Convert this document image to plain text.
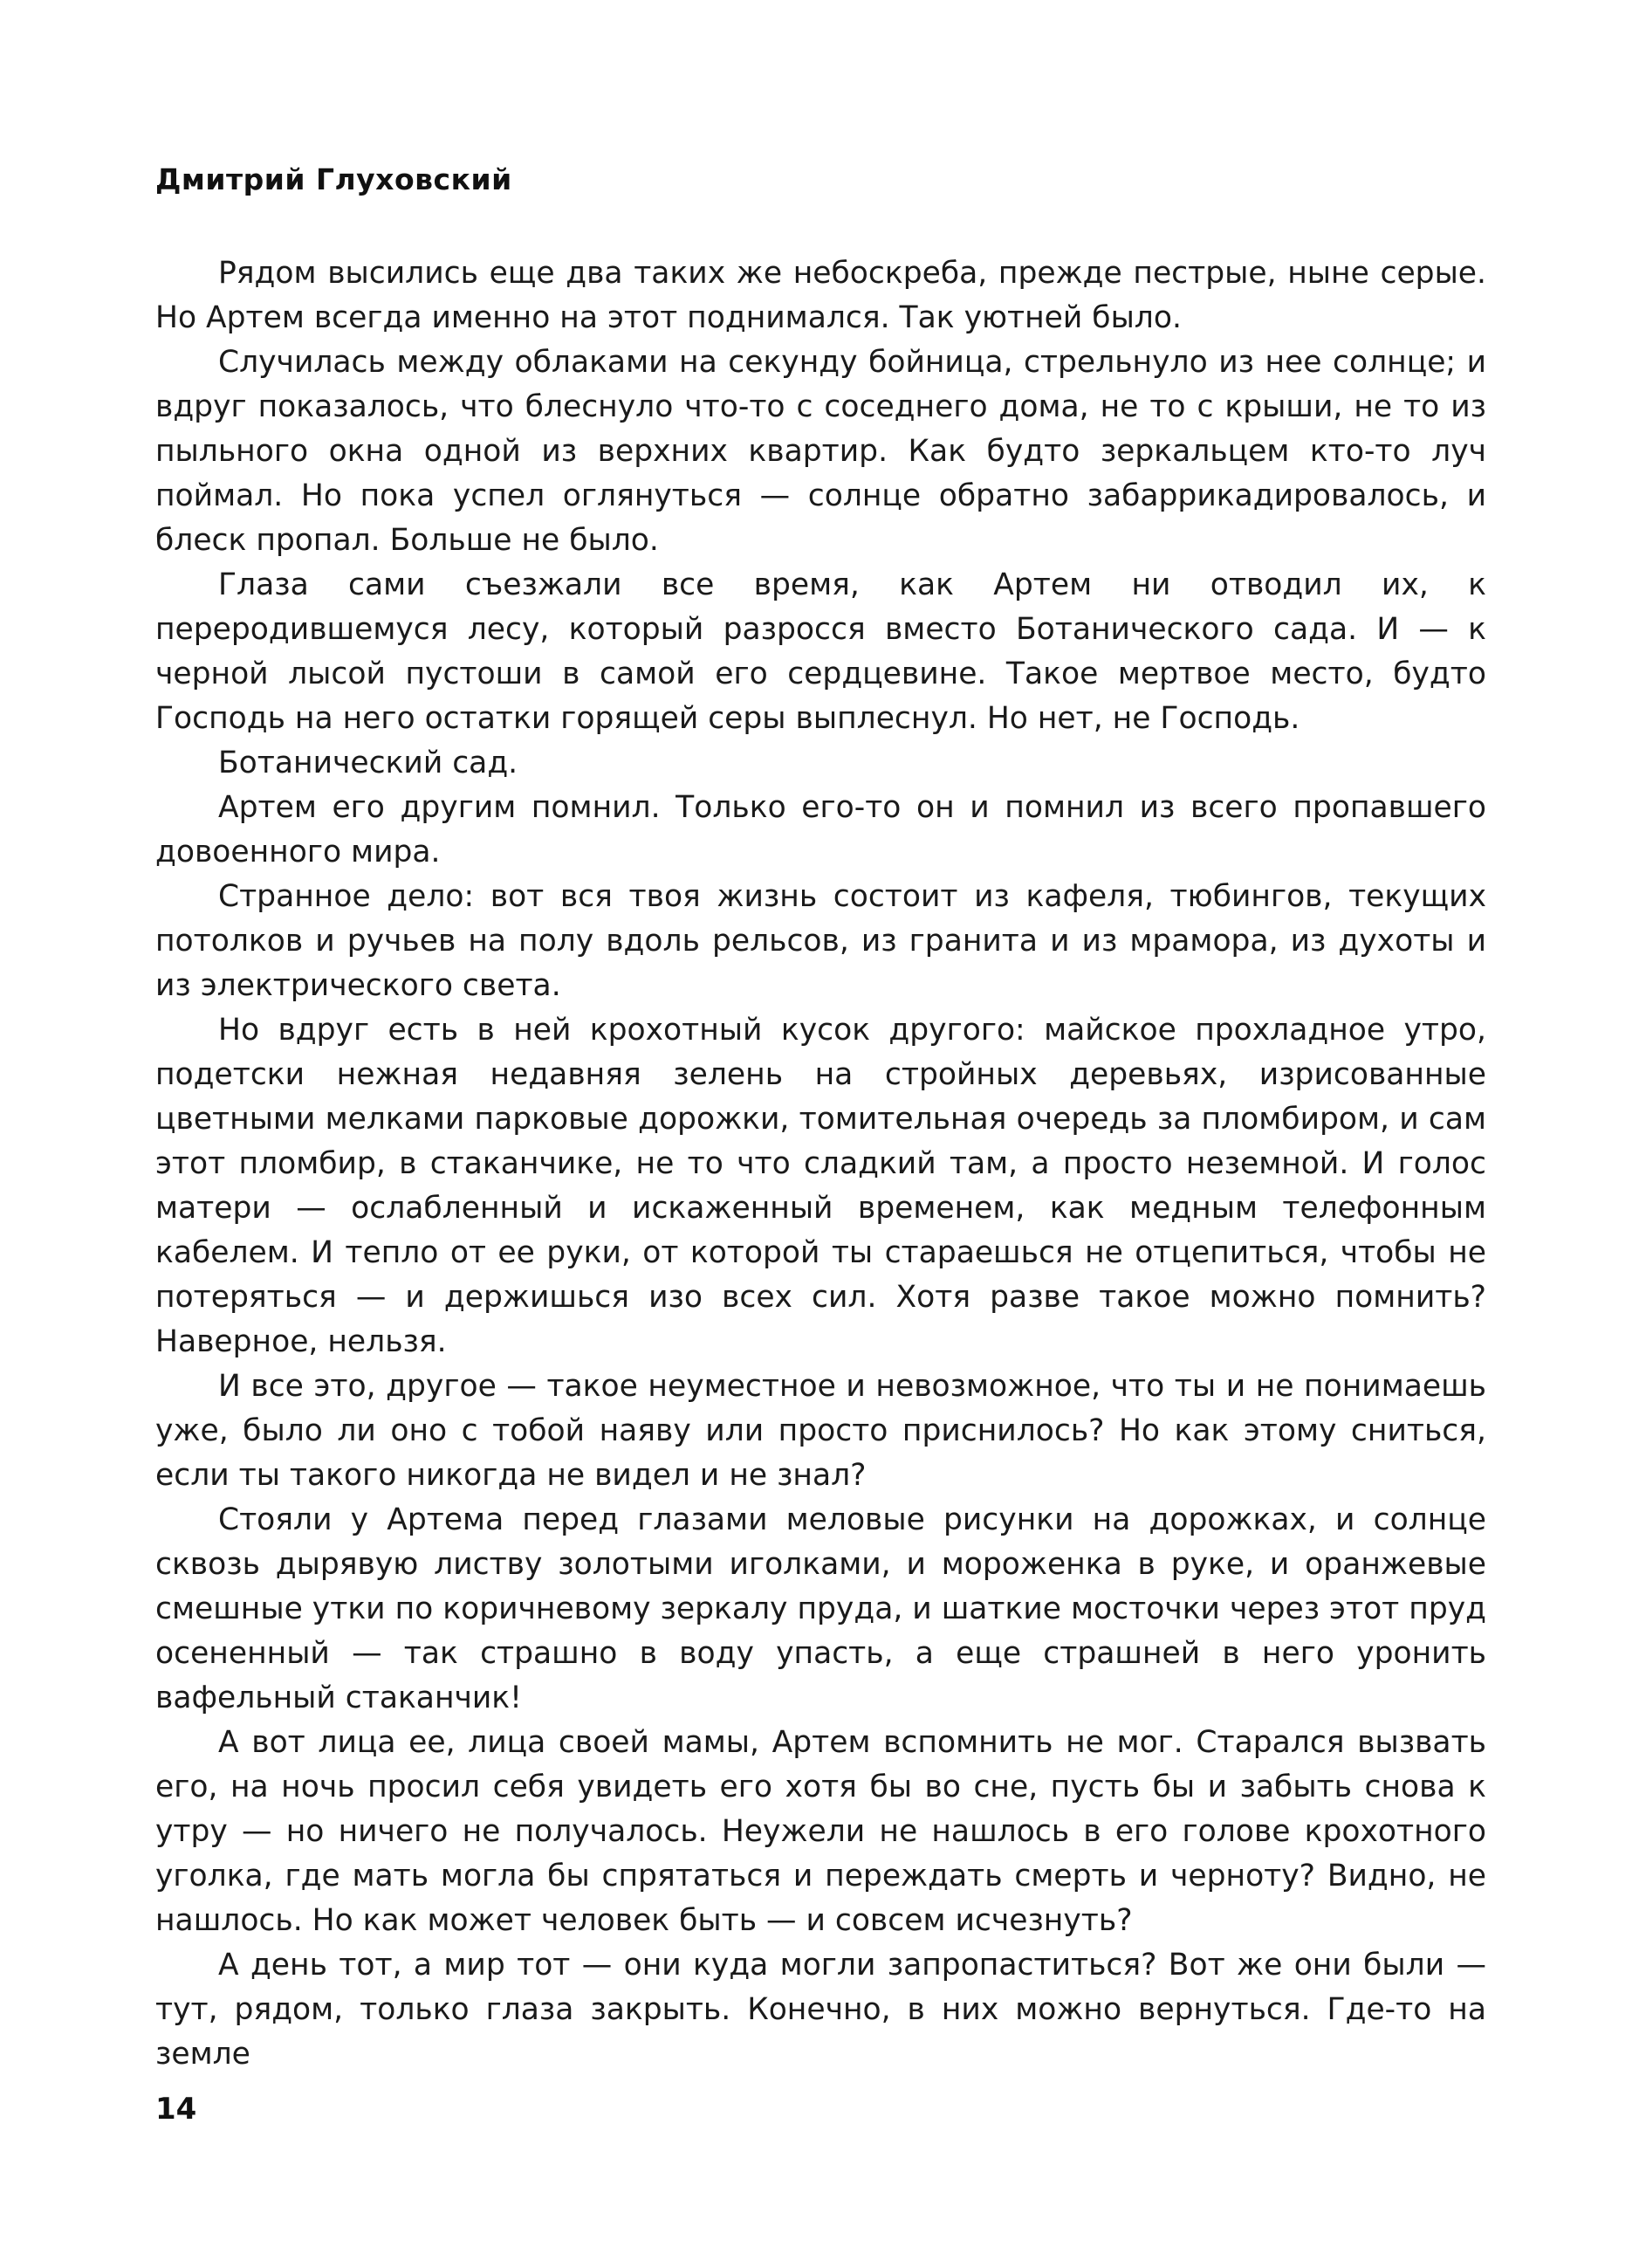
Дмитрий Глуховский

Рядом высились еще два таких же небоскреба, прежде пестрые, ныне серые. Но Артем всегда именно на этот поднимался. Так уютней было.

Случилась между облаками на секунду бойница, стрельнуло из нее солнце; и вдруг показалось, что блеснуло что-то с соседнего дома, не то с крыши, не то из пыльного окна одной из верхних квартир. Как будто зеркальцем кто-то луч поймал. Но пока успел оглянуться — солнце обратно забаррикадировалось, и блеск пропал. Больше не было.

Глаза сами съезжали все время, как Артем ни отводил их, к переродившемуся лесу, который разросся вместо Ботанического сада. И — к черной лысой пустоши в самой его сердцевине. Такое мертвое место, будто Господь на него остатки горящей серы выплеснул. Но нет, не Господь.

Ботанический сад.

Артем его другим помнил. Только его-то он и помнил из всего пропавшего довоенного мира.

Странное дело: вот вся твоя жизнь состоит из кафеля, тюбингов, текущих потолков и ручьев на полу вдоль рельсов, из гранита и из мрамора, из духоты и из электрического света.

Но вдруг есть в ней крохотный кусок другого: майское прохладное утро, подетски нежная недавняя зелень на стройных деревьях, изрисованные цветными мелками парковые дорожки, томительная очередь за пломбиром, и сам этот пломбир, в стаканчике, не то что сладкий там, а просто неземной. И голос матери — ослабленный и искаженный временем, как медным телефонным кабелем. И тепло от ее руки, от которой ты стараешься не отцепиться, чтобы не потеряться — и держишься изо всех сил. Хотя разве такое можно помнить? Наверное, нельзя.

И все это, другое — такое неуместное и невозможное, что ты и не понимаешь уже, было ли оно с тобой наяву или просто приснилось? Но как этому сниться, если ты такого никогда не видел и не знал?

Стояли у Артема перед глазами меловые рисунки на дорожках, и солнце сквозь дырявую листву золотыми иголками, и мороженка в руке, и оранжевые смешные утки по коричневому зеркалу пруда, и шаткие мосточки через этот пруд осененный — так страшно в воду упасть, а еще страшней в него уронить вафельный стаканчик!

А вот лица ее, лица своей мамы, Артем вспомнить не мог. Старался вызвать его, на ночь просил себя увидеть его хотя бы во сне, пусть бы и забыть снова к утру — но ничего не получалось. Неужели не нашлось в его голове крохотного уголка, где мать могла бы спрятаться и переждать смерть и черноту? Видно, не нашлось. Но как может человек быть — и совсем исчезнуть?

А день тот, а мир тот — они куда могли запропаститься? Вот же они были — тут, рядом, только глаза закрыть. Конечно, в них можно вернуться. Где-то на земле

14
